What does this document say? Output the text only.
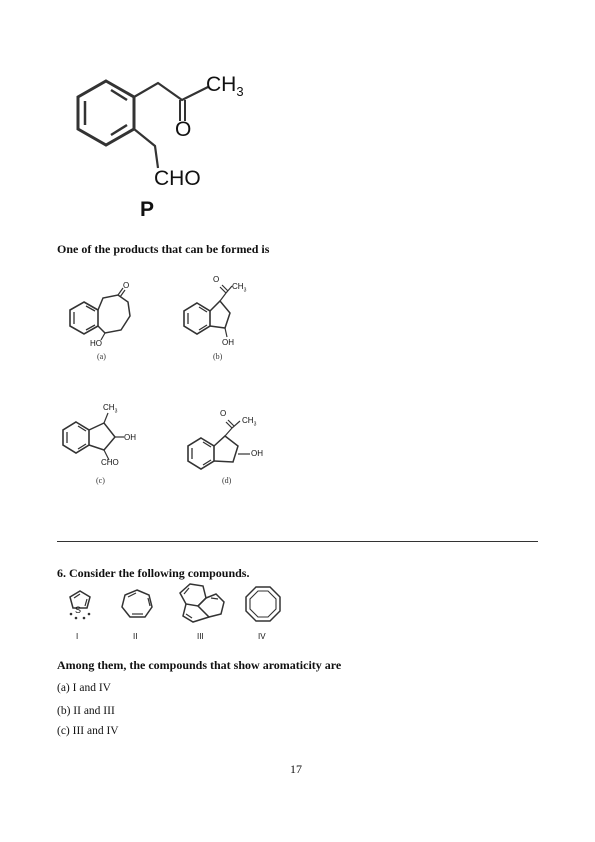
$CH_3$
O
CHO
P
One of the products that can be formed is
O
HO
(a)
O
$CH_3$
OH
(b)
$CH_3$
OH
CHO
(c)
O
$CH_3$
OH
(d)
6. Consider the following compounds.
S
I	II	III	IV
Among them, the compounds that show aromaticity are
(a) I and IV
(b) II and III
(c) III and IV
17
